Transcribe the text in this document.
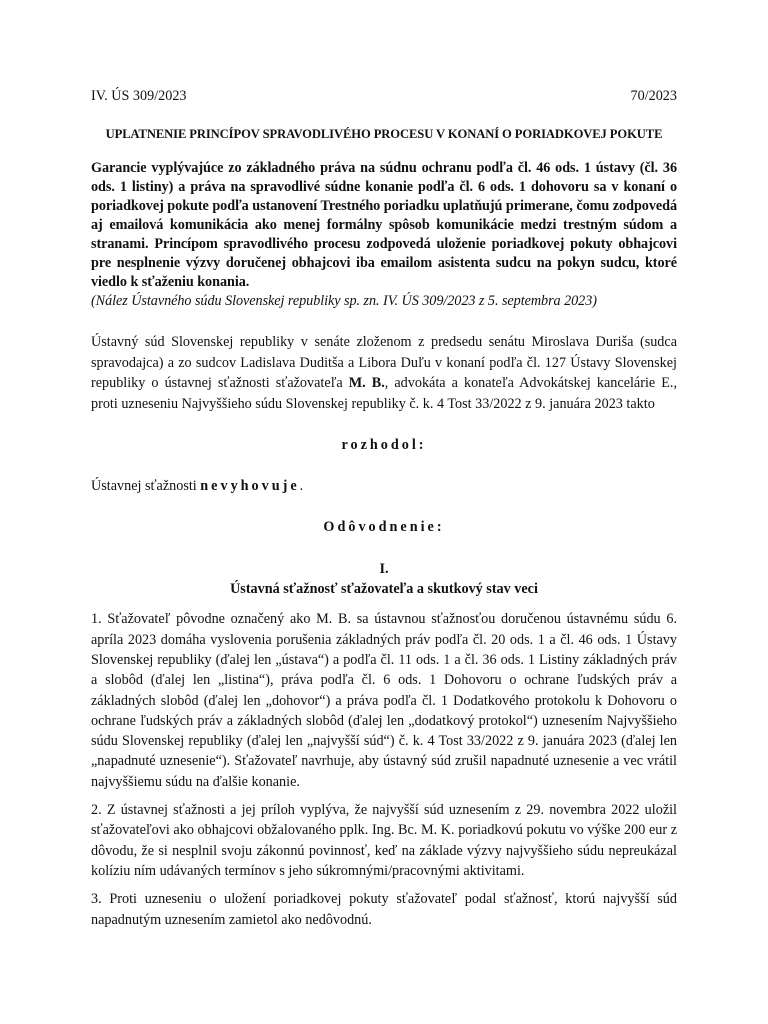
IV. ÚS 309/2023	70/2023
UPLATNENIE PRINCÍPOV SPRAVODLIVÉHO PROCESU V KONANÍ O PORIADKOVEJ POKUTE
Garancie vyplývajúce zo základného práva na súdnu ochranu podľa čl. 46 ods. 1 ústavy (čl. 36 ods. 1 listiny) a práva na spravodlivé súdne konanie podľa čl. 6 ods. 1 dohovoru sa v konaní o poriadkovej pokute podľa ustanovení Trestného poriadku uplatňujú primerane, čomu zodpovedá aj emailová komunikácia ako menej formálny spôsob komunikácie medzi trestným súdom a stranami. Princípom spravodlivého procesu zodpovedá uloženie poriadkovej pokuty obhajcovi pre nesplnenie výzvy doručenej obhajcovi iba emailom asistenta sudcu na pokyn sudcu, ktoré viedlo k sťaženiu konania.
(Nález Ústavného súdu Slovenskej republiky sp. zn. IV. ÚS 309/2023 z 5. septembra 2023)
Ústavný súd Slovenskej republiky v senáte zloženom z predsedu senátu Miroslava Duriša (sudca spravodajca) a zo sudcov Ladislava Duditša a Libora Duľu v konaní podľa čl. 127 Ústavy Slovenskej republiky o ústavnej sťažnosti sťažovateľa M. B., advokáta a konateľa Advokátskej kancelárie E., proti uzneseniu Najvyššieho súdu Slovenskej republiky č. k. 4 Tost 33/2022 z 9. januára 2023 takto
rozhodol:
Ústavnej sťažnosti nevyhovuje.
Odôvodnenie:
I.
Ústavná sťažnosť sťažovateľa a skutkový stav veci
1. Sťažovateľ pôvodne označený ako M. B. sa ústavnou sťažnosťou doručenou ústavnému súdu 6. apríla 2023 domáha vyslovenia porušenia základných práv podľa čl. 20 ods. 1 a čl. 46 ods. 1 Ústavy Slovenskej republiky (ďalej len „ústava“) a podľa čl. 11 ods. 1 a čl. 36 ods. 1 Listiny základných práv a slobôd (ďalej len „listina“), práva podľa čl. 6 ods. 1 Dohovoru o ochrane ľudských práv a základných slobôd (ďalej len „dohovor“) a práva podľa čl. 1 Dodatkového protokolu k Dohovoru o ochrane ľudských práv a základných slobôd (ďalej len „dodatkový protokol“) uznesením Najvyššieho súdu Slovenskej republiky (ďalej len „najvyšší súd“) č. k. 4 Tost 33/2022 z 9. januára 2023 (ďalej len „napadnuté uznesenie“). Sťažovateľ navrhuje, aby ústavný súd zrušil napadnuté uznesenie a vec vrátil najvyššiemu súdu na ďalšie konanie.
2. Z ústavnej sťažnosti a jej príloh vyplýva, že najvyšší súd uznesením z 29. novembra 2022 uložil sťažovateľovi ako obhajcovi obžalovaného pplk. Ing. Bc. M. K. poriadkovú pokutu vo výške 200 eur z dôvodu, že si nesplnil svoju zákonnú povinnosť, keď na základe výzvy najvyššieho súdu nepreukázal kolíziu ním udávaných termínov s jeho súkromnými/pracovnými aktivitami.
3. Proti uzneseniu o uložení poriadkovej pokuty sťažovateľ podal sťažnosť, ktorú najvyšší súd napadnutým uznesením zamietol ako nedôvodnú.
